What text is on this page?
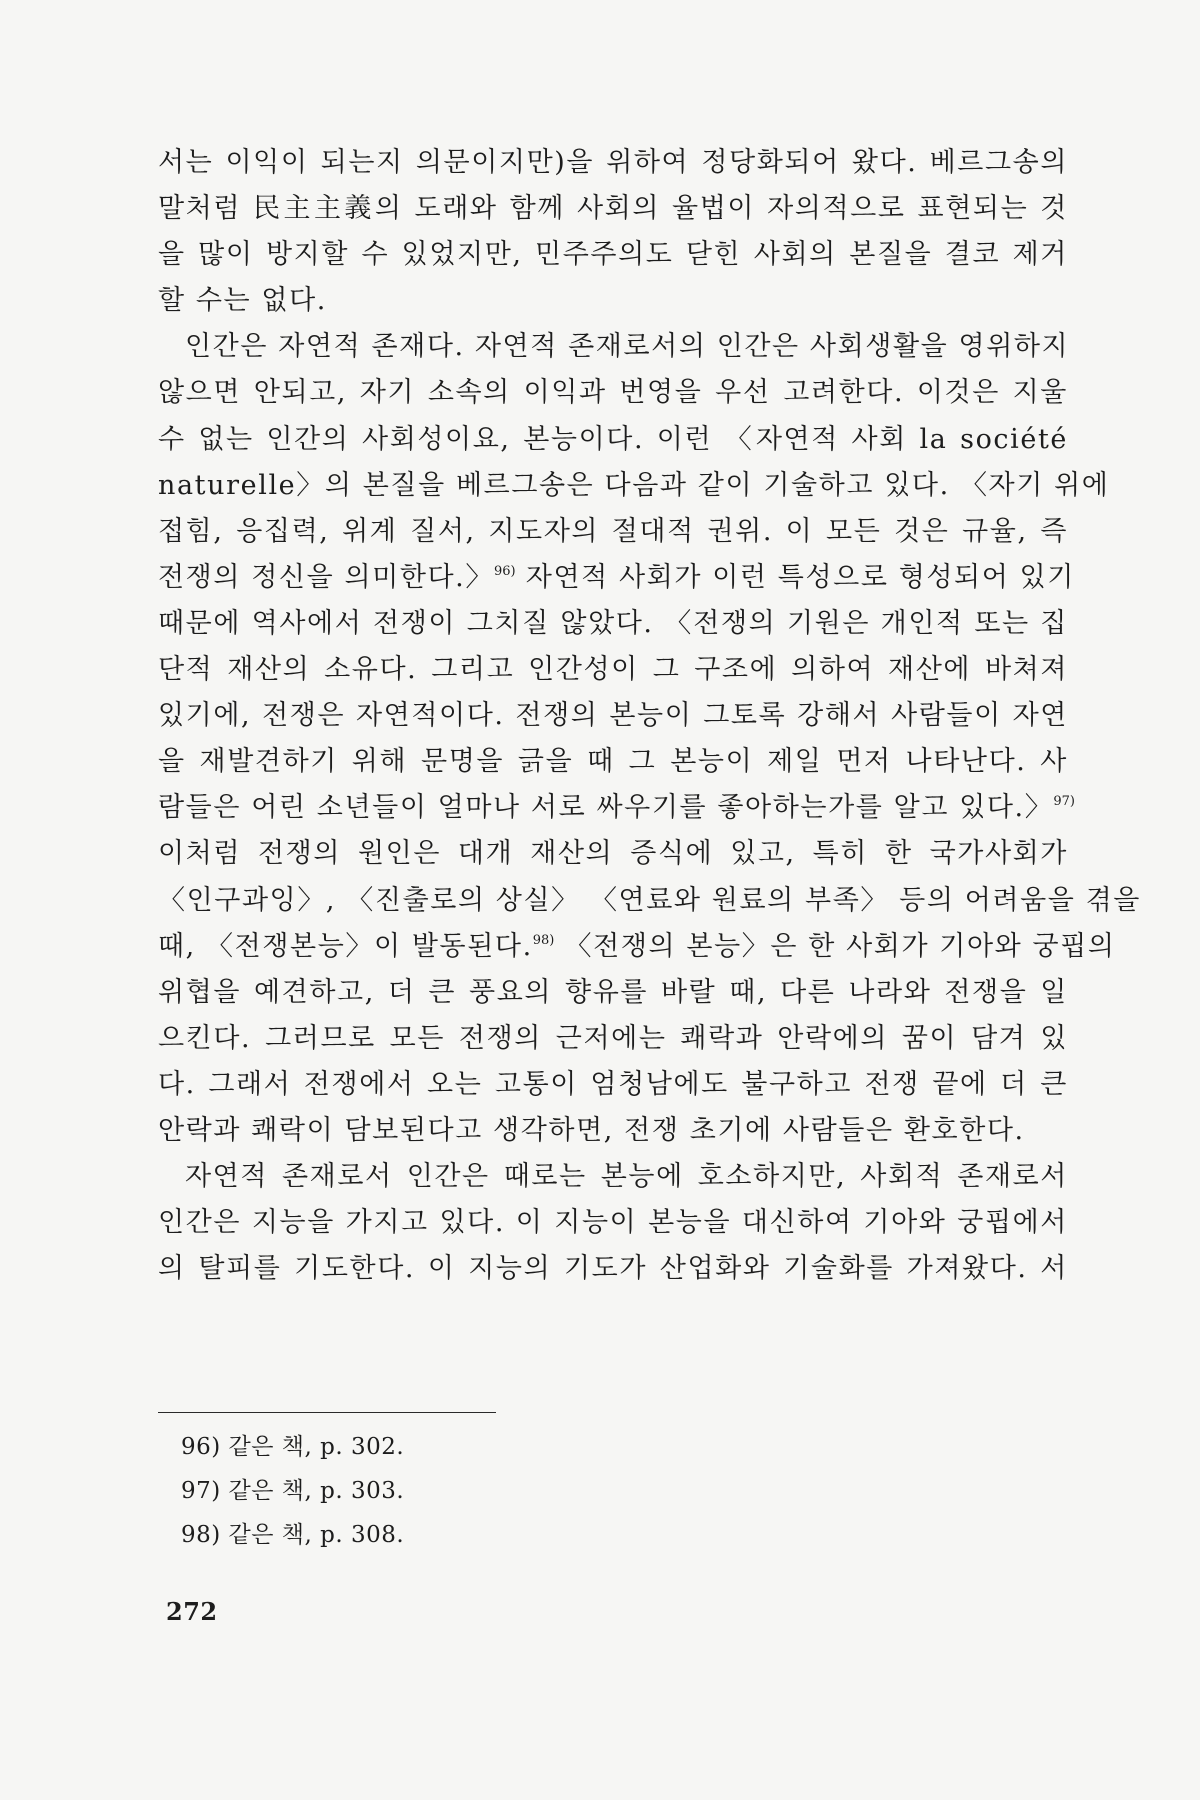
서는 이익이 되는지 의문이지만)을 위하여 정당화되어 왔다. 베르그송의
말처럼 民主主義의 도래와 함께 사회의 율법이 자의적으로 표현되는 것
을 많이 방지할 수 있었지만, 민주주의도 닫힌 사회의 본질을 결코 제거
할 수는 없다.
인간은 자연적 존재다. 자연적 존재로서의 인간은 사회생활을 영위하지
않으면 안되고, 자기 소속의 이익과 번영을 우선 고려한다. 이것은 지울
수 없는 인간의 사회성이요, 본능이다. 이런 〈자연적 사회 la société
naturelle〉의 본질을 베르그송은 다음과 같이 기술하고 있다. 〈자기 위에
접힘, 응집력, 위계 질서, 지도자의 절대적 권위. 이 모든 것은 규율, 즉
전쟁의 정신을 의미한다.〉$^{96)}$ 자연적 사회가 이런 특성으로 형성되어 있기
때문에 역사에서 전쟁이 그치질 않았다. 〈전쟁의 기원은 개인적 또는 집
단적 재산의 소유다. 그리고 인간성이 그 구조에 의하여 재산에 바쳐져
있기에, 전쟁은 자연적이다. 전쟁의 본능이 그토록 강해서 사람들이 자연
을 재발견하기 위해 문명을 긁을 때 그 본능이 제일 먼저 나타난다. 사
람들은 어린 소년들이 얼마나 서로 싸우기를 좋아하는가를 알고 있다.〉$^{97)}$
이처럼 전쟁의 원인은 대개 재산의 증식에 있고, 특히 한 국가사회가
〈인구과잉〉, 〈진출로의 상실〉 〈연료와 원료의 부족〉 등의 어려움을 겪을
때, 〈전쟁본능〉이 발동된다.$^{98)}$ 〈전쟁의 본능〉은 한 사회가 기아와 궁핍의
위협을 예견하고, 더 큰 풍요의 향유를 바랄 때, 다른 나라와 전쟁을 일
으킨다. 그러므로 모든 전쟁의 근저에는 쾌락과 안락에의 꿈이 담겨 있
다. 그래서 전쟁에서 오는 고통이 엄청남에도 불구하고 전쟁 끝에 더 큰
안락과 쾌락이 담보된다고 생각하면, 전쟁 초기에 사람들은 환호한다.
자연적 존재로서 인간은 때로는 본능에 호소하지만, 사회적 존재로서
인간은 지능을 가지고 있다. 이 지능이 본능을 대신하여 기아와 궁핍에서
의 탈피를 기도한다. 이 지능의 기도가 산업화와 기술화를 가져왔다. 서
96) 같은 책, p. 302.
97) 같은 책, p. 303.
98) 같은 책, p. 308.
272
